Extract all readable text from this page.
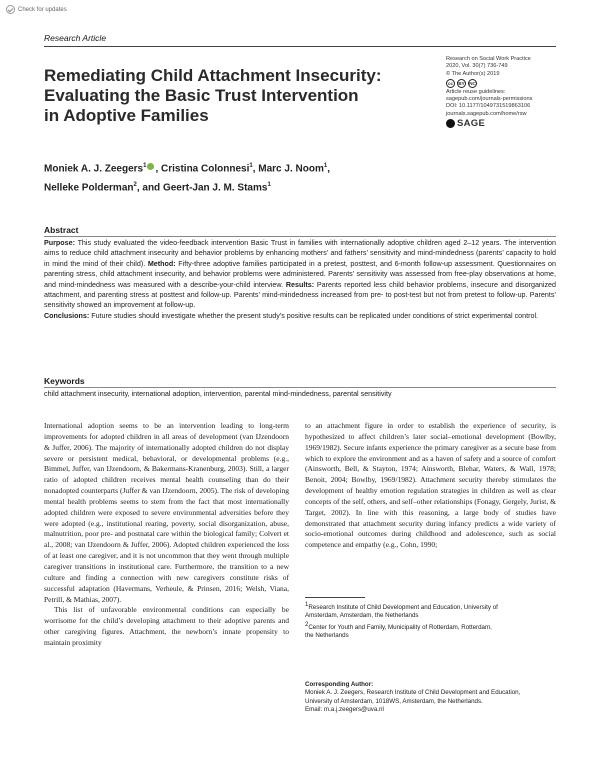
Check for updates
Research Article
Remediating Child Attachment Insecurity:
Evaluating the Basic Trust Intervention
in Adoptive Families
Research on Social Work Practice
2020, Vol. 30(7) 736-749
© The Author(s) 2019
cc	BY	NC
Article reuse guidelines:
sagepub.com/journals-permissions
DOI: 10.1177/1049731519863106
journals.sagepub.com/home/rsw
SAGE
Moniek A. J. Zeegers$^1$ , Cristina Colonnesi$^1$, Marc J. Noom$^1$,
Nelleke Polderman$^2$, and Geert-Jan J. M. Stams$^1$
Abstract

Purpose: This study evaluated the video-feedback intervention Basic Trust in families with internationally adoptive children aged 2–12 years. The intervention aims to reduce child attachment insecurity and behavior problems by enhancing mothers’ and fathers’ sensitivity and mind-mindedness (parents’ capacity to hold in mind the mind of their child). Method: Fifty-three adoptive families participated in a pretest, posttest, and 6-month follow-up assessment. Questionnaires on parenting stress, child attachment insecurity, and behavior problems were administered. Parents’ sensitivity was assessed from free-play observations at home, and mind-mindedness was measured with a describe-your-child interview. Results: Parents reported less child behavior problems, insecure and disorganized attachment, and parenting stress at posttest and follow-up. Parents’ mind-mindedness increased from pre- to post-test but not from pretest to follow-up. Parents’ sensitivity showed an improvement at follow-up.

Conclusions: Future studies should investigate whether the present study’s positive results can be replicated under conditions of strict experimental control.

Keywords
child attachment insecurity, international adoption, intervention, parental mind-mindedness, parental sensitivity

International adoption seems to be an intervention leading to long-term improvements for adopted children in all areas of development (van IJzendoorn & Juffer, 2006). The majority of internationally adopted children do not display severe or persistent medical, behavioral, or developmental problems (e.g., Bimmel, Juffer, van IJzendoorn, & Bakermans-Kranenburg, 2003). Still, a larger ratio of adopted children receives mental health counseling than do their nonadopted counterparts (Juffer & van IJzendoorn, 2005). The risk of developing mental health problems seems to stem from the fact that most internationally adopted children were exposed to severe environmental adversities before they were adopted (e.g., institutional rearing, poverty, social disorganization, abuse, malnutrition, poor pre- and postnatal care within the biological family; Colvert et al., 2008; van IJzendoorn & Juffer, 2006). Adopted children experienced the loss of at least one caregiver, and it is not uncommon that they went through multiple caregiver transitions in institutional care. Furthermore, the transition to a new culture and finding a connection with new caregivers constitute risks of successful adaptation (Havermans, Verheule, & Prinsen, 2016; Welsh, Viana, Petrill, & Mathias, 2007).

This list of unfavorable environmental conditions can especially be worrisome for the child’s developing attachment to their adoptive parents and other caregiving figures. Attachment, the newborn’s innate propensity to maintain proximity

to an attachment figure in order to establish the experience of security, is hypothesized to affect children’s later social–emotional development (Bowlby, 1969/1982). Secure infants experience the primary caregiver as a secure base from which to explore the environment and as a haven of safety and a source of comfort (Ainsworth, Bell, & Stayton, 1974; Ainsworth, Blehar, Waters, & Wall, 1978; Benoit, 2004; Bowlby, 1969/1982). Attachment security thereby stimulates the development of healthy emotion regulation strategies in children as well as clear concepts of the self, others, and self–other relationships (Fonagy, Gergely, Jurist, & Target, 2002). In line with this reasoning, a large body of studies have demonstrated that attachment security during infancy predicts a wide variety of socio-emotional outcomes during childhood and adolescence, such as social competence and empathy (e.g., Cohn, 1990;

$^1$Research Institute of Child Development and Education, University of
Amsterdam, Amsterdam, the Netherlands
$^2$Center for Youth and Family, Municipality of Rotterdam, Rotterdam,
the Netherlands
Corresponding Author:
Moniek A. J. Zeegers, Research Institute of Child Development and Education,
University of Amsterdam, 1018WS, Amsterdam, the Netherlands.
Email: m.a.j.zeegers@uva.nl
